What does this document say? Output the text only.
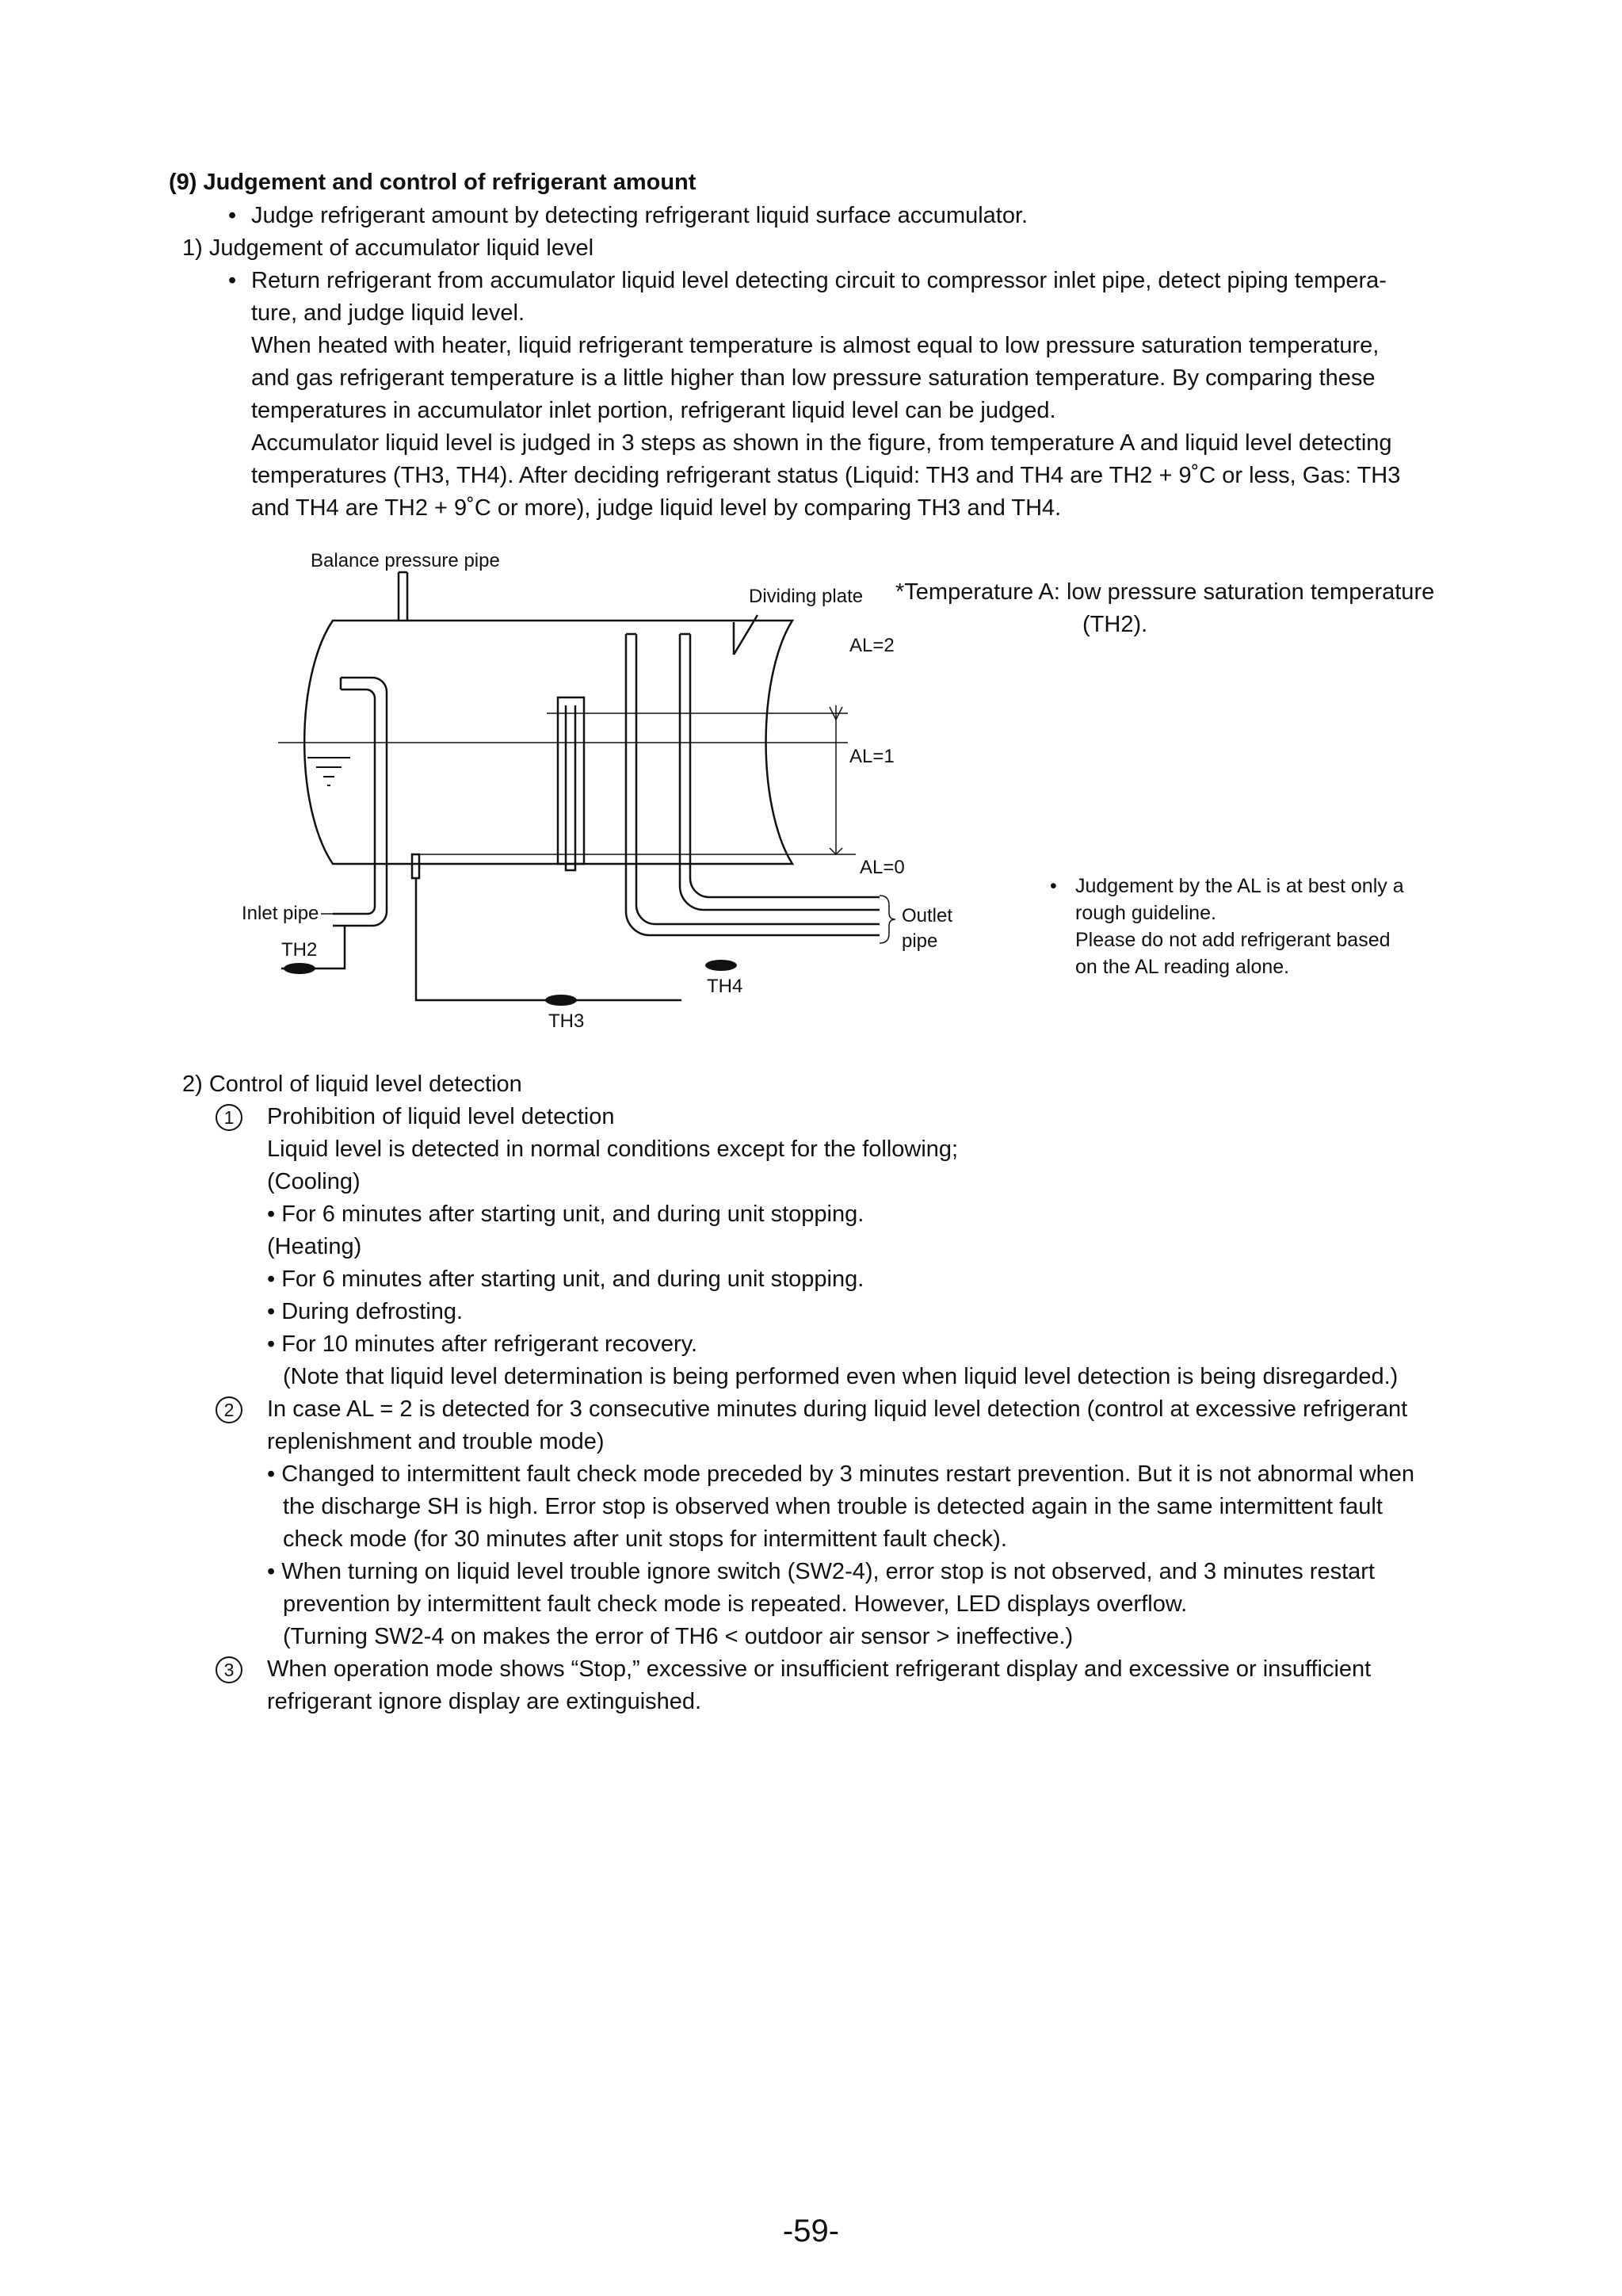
(9) Judgement and control of refrigerant amount
• Judge refrigerant amount by detecting refrigerant liquid surface accumulator.
1) Judgement of accumulator liquid level
• Return refrigerant from accumulator liquid level detecting circuit to compressor inlet pipe, detect piping tempera-
ture, and judge liquid level.
When heated with heater, liquid refrigerant temperature is almost equal to low pressure saturation temperature,
and gas refrigerant temperature is a little higher than low pressure saturation temperature. By comparing these
temperatures in accumulator inlet portion, refrigerant liquid level can be judged.
Accumulator liquid level is judged in 3 steps as shown in the figure, from temperature A and liquid level detecting
temperatures (TH3, TH4). After deciding refrigerant status (Liquid: TH3 and TH4 are TH2 + 9˚C or less, Gas: TH3
and TH4 are TH2 + 9˚C or more), judge liquid level by comparing TH3 and TH4.
Balance pressure pipe
Dividing plate
AL=2
AL=1
AL=0
Inlet pipe
TH2
TH3
TH4
Outlet
pipe
*Temperature A: low pressure saturation temperature
(TH2).
• Judgement by the AL is at best only a
rough guideline.
Please do not add refrigerant based
on the AL reading alone.
2) Control of liquid level detection
1	Prohibition of liquid level detection
Liquid level is detected in normal conditions except for the following;
(Cooling)
• For 6 minutes after starting unit, and during unit stopping.
(Heating)
• For 6 minutes after starting unit, and during unit stopping.
• During defrosting.
• For 10 minutes after refrigerant recovery.
(Note that liquid level determination is being performed even when liquid level detection is being disregarded.)
2	In case AL = 2 is detected for 3 consecutive minutes during liquid level detection (control at excessive refrigerant
replenishment and trouble mode)
• Changed to intermittent fault check mode preceded by 3 minutes restart prevention. But it is not abnormal when
the discharge SH is high. Error stop is observed when trouble is detected again in the same intermittent fault
check mode (for 30 minutes after unit stops for intermittent fault check).
• When turning on liquid level trouble ignore switch (SW2-4), error stop is not observed, and 3 minutes restart
prevention by intermittent fault check mode is repeated. However, LED displays overflow.
(Turning SW2-4 on makes the error of TH6 < outdoor air sensor > ineffective.)
3	When operation mode shows “Stop,” excessive or insufficient refrigerant display and excessive or insufficient
refrigerant ignore display are extinguished.
-59-
